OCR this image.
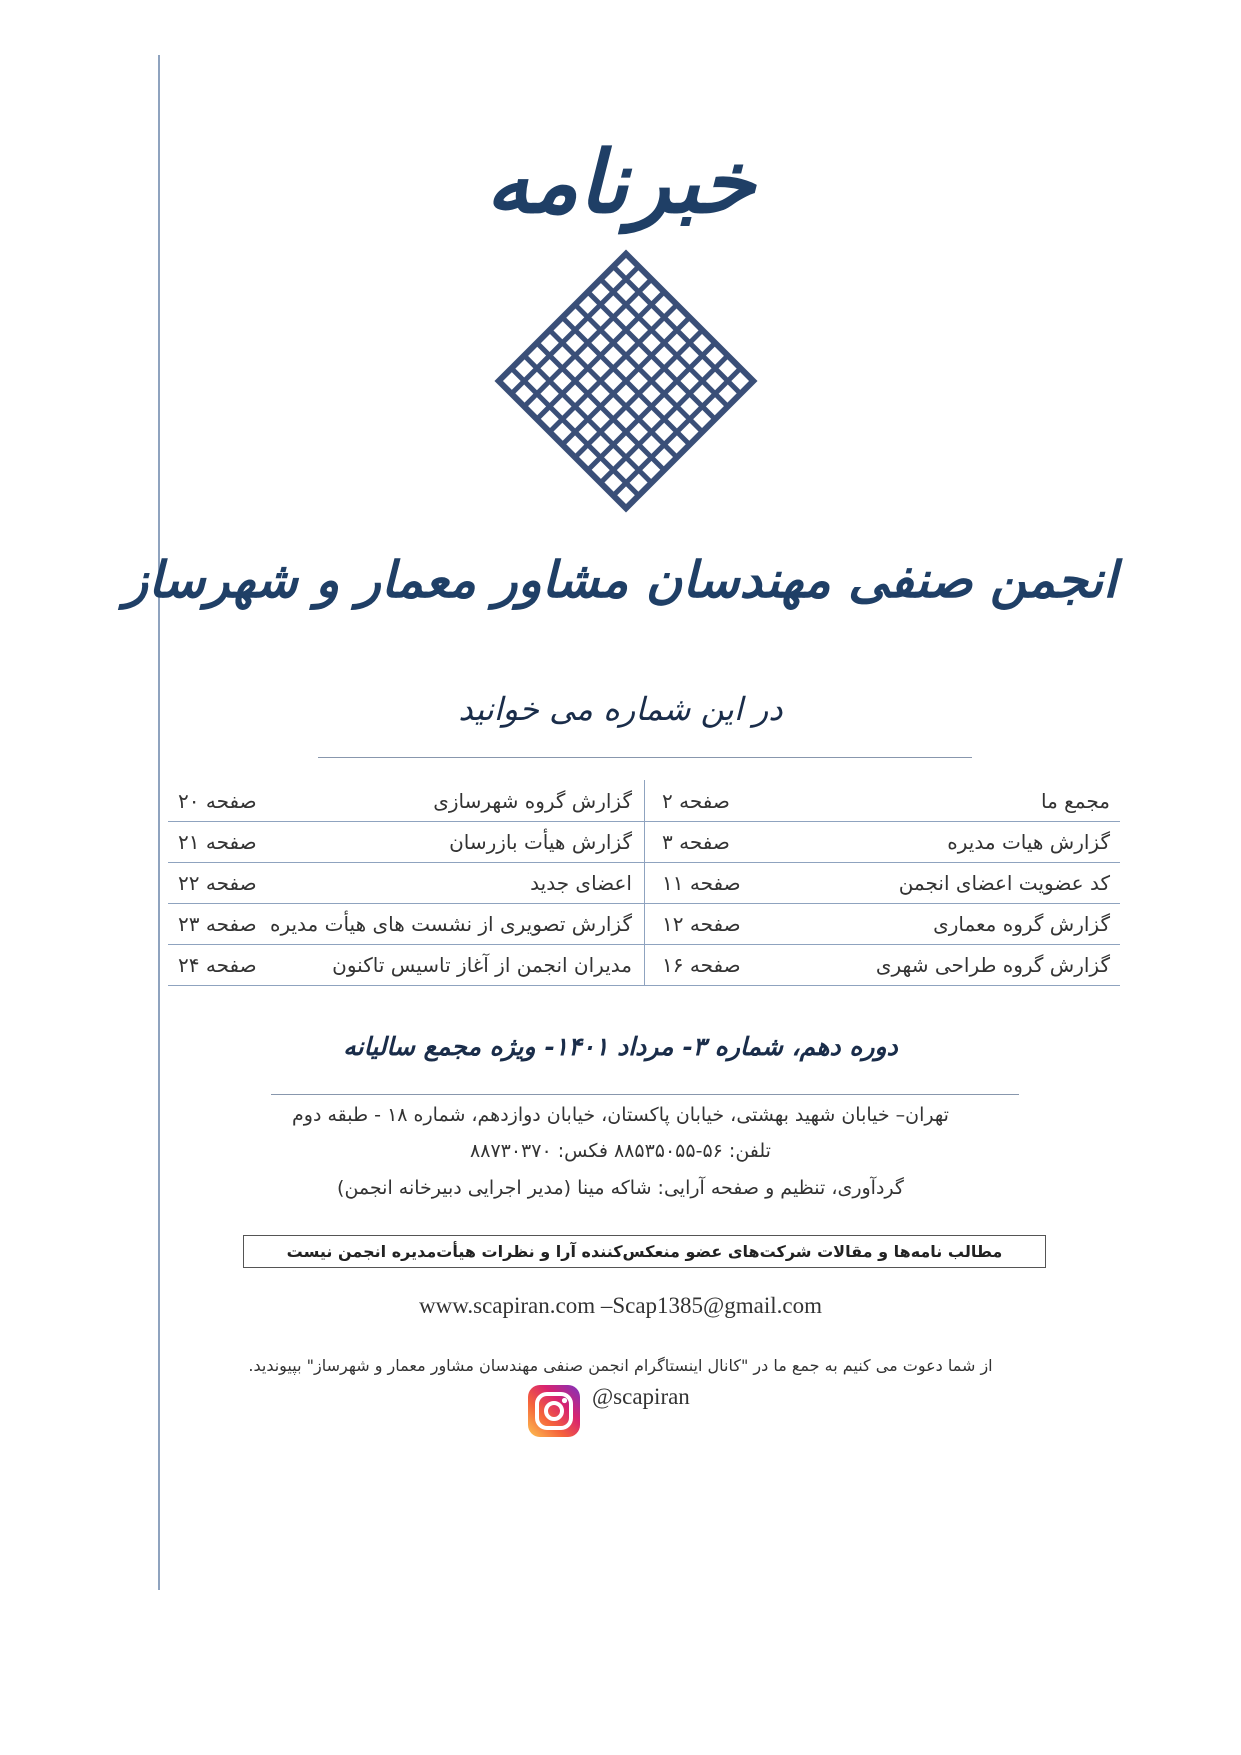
خبرنامه
انجمن صنفی مهندسان مشاور معمار و شهرساز
در این شماره می خوانید
مجمع ما
صفحه ۲
گزارش گروه شهرسازی
صفحه ۲۰
گزارش هیات مدیره
صفحه ۳
گزارش هیأت بازرسان
صفحه ۲۱
کد عضویت اعضای انجمن
صفحه ۱۱
اعضای جدید
صفحه ۲۲
گزارش گروه معماری
صفحه ۱۲
گزارش تصویری از نشست های هیأت مدیره
صفحه ۲۳
گزارش گروه طراحی شهری
صفحه ۱۶
مدیران انجمن از آغاز تاسیس تاکنون
صفحه ۲۴
دوره دهم، شماره ۳- مرداد ۱۴۰۱- ویژه مجمع سالیانه
تهران– خیابان شهید بهشتی، خیابان پاکستان، خیابان دوازدهم، شماره ۱۸ - طبقه دوم
تلفن: ۵۶-۸۸۵۳۵۰۵۵ فکس: ۸۸۷۳۰۳۷۰
گردآوری، تنظیم و صفحه آرایی: شاکه مینا (مدیر اجرایی دبیرخانه انجمن)
مطالب نامه‌ها و مقالات شرکت‌های عضو منعکس‌کننده آرا و نظرات هیأت‌مدیره انجمن نیست
www.scapiran.com –Scap1385@gmail.com
از شما دعوت می کنیم به جمع ما در "کانال اینستاگرام انجمن صنفی مهندسان مشاور معمار و شهرساز" بپیوندید.
@scapiran
